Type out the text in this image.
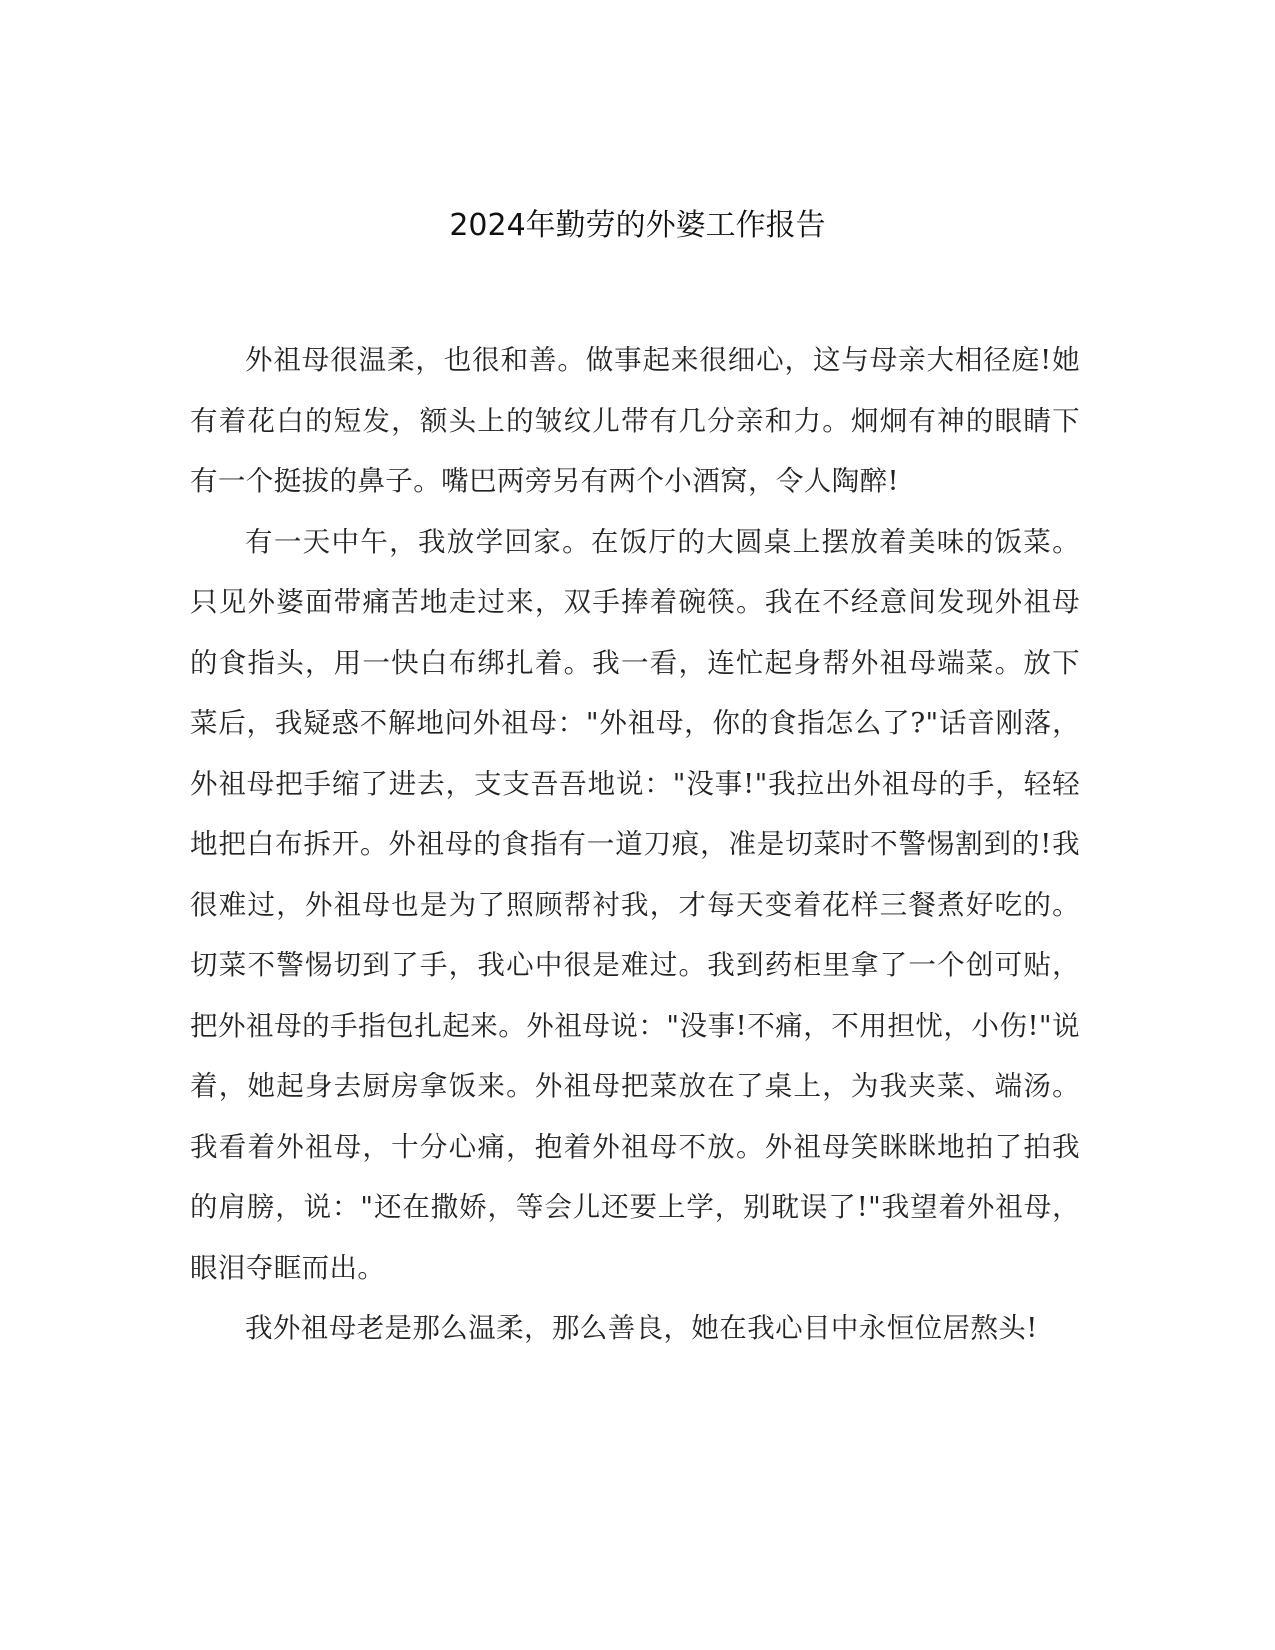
2024年勤劳的外婆工作报告

外祖母很温柔，也很和善。做事起来很细心，这与母亲大相径庭!她有着花白的短发，额头上的皱纹儿带有几分亲和力。炯炯有神的眼睛下有一个挺拔的鼻子。嘴巴两旁另有两个小酒窝，令人陶醉!

有一天中午，我放学回家。在饭厅的大圆桌上摆放着美味的饭菜。只见外婆面带痛苦地走过来，双手捧着碗筷。我在不经意间发现外祖母的食指头，用一快白布绑扎着。我一看，连忙起身帮外祖母端菜。放下菜后，我疑惑不解地问外祖母："外祖母，你的食指怎么了?"话音刚落，外祖母把手缩了进去，支支吾吾地说："没事!"我拉出外祖母的手，轻轻地把白布拆开。外祖母的食指有一道刀痕，准是切菜时不警惕割到的!我很难过，外祖母也是为了照顾帮衬我，才每天变着花样三餐煮好吃的。切菜不警惕切到了手，我心中很是难过。我到药柜里拿了一个创可贴，把外祖母的手指包扎起来。外祖母说："没事!不痛，不用担忧，小伤!"说着，她起身去厨房拿饭来。外祖母把菜放在了桌上，为我夹菜、端汤。我看着外祖母，十分心痛，抱着外祖母不放。外祖母笑眯眯地拍了拍我的肩膀，说："还在撒娇，等会儿还要上学，别耽误了!"我望着外祖母，眼泪夺眶而出。

我外祖母老是那么温柔，那么善良，她在我心目中永恒位居熬头!
